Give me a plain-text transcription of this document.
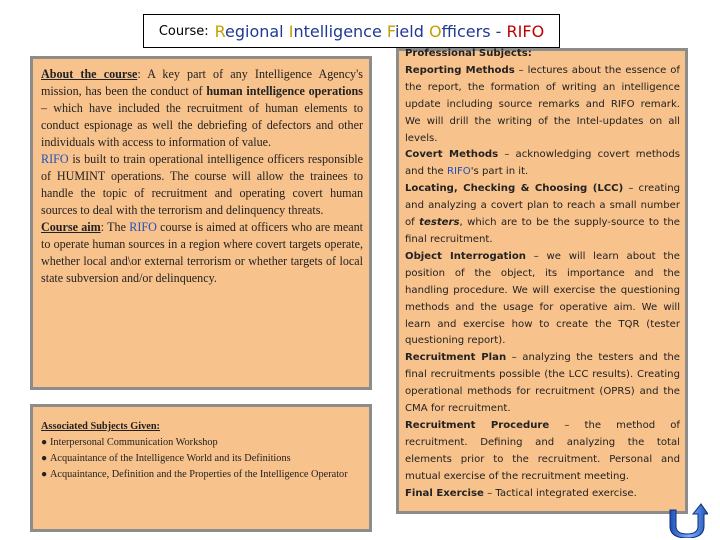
Course: Regional Intelligence Field Officers - RIFO

About the course: A key part of any Intelligence Agency's mission, has been the conduct of human intelligence operations – which have included the recruitment of human elements to conduct espionage as well the debriefing of defectors and other individuals with access to information of value.

RIFO is built to train operational intelligence officers responsible of HUMINT operations. The course will allow the trainees to handle the topic of recruitment and operating covert human sources to deal with the terrorism and delinquency threats.

Course aim: The RIFO course is aimed at officers who are meant to operate human sources in a region where covert targets operate, whether local and\or external terrorism or whether targets of local state subversion and/or delinquency.

Associated Subjects Given:
● Interpersonal Communication Workshop
● Acquaintance of the Intelligence World and its Definitions
● Acquaintance, Definition and the Properties of the Intelligence Operator
Professional Subjects:

Reporting Methods – lectures about the essence of the report, the formation of writing an intelligence update including source remarks and RIFO remark. We will drill the writing of the Intel-updates on all levels.

Covert Methods – acknowledging covert methods and the RIFO's part in it.

Locating, Checking & Choosing (LCC) – creating and analyzing a covert plan to reach a small number of testers, which are to be the supply-source to the final recruitment.

Object Interrogation – we will learn about the position of the object, its importance and the handling procedure. We will exercise the questioning methods and the usage for operative aim. We will learn and exercise how to create the TQR (tester questioning report).

Recruitment Plan – analyzing the testers and the final recruitments possible (the LCC results). Creating operational methods for recruitment (OPRS) and the CMA for recruitment.

Recruitment Procedure – the method of recruitment. Defining and analyzing the total elements prior to the recruitment. Personal and mutual exercise of the recruitment meeting.

Final Exercise – Tactical integrated exercise.
